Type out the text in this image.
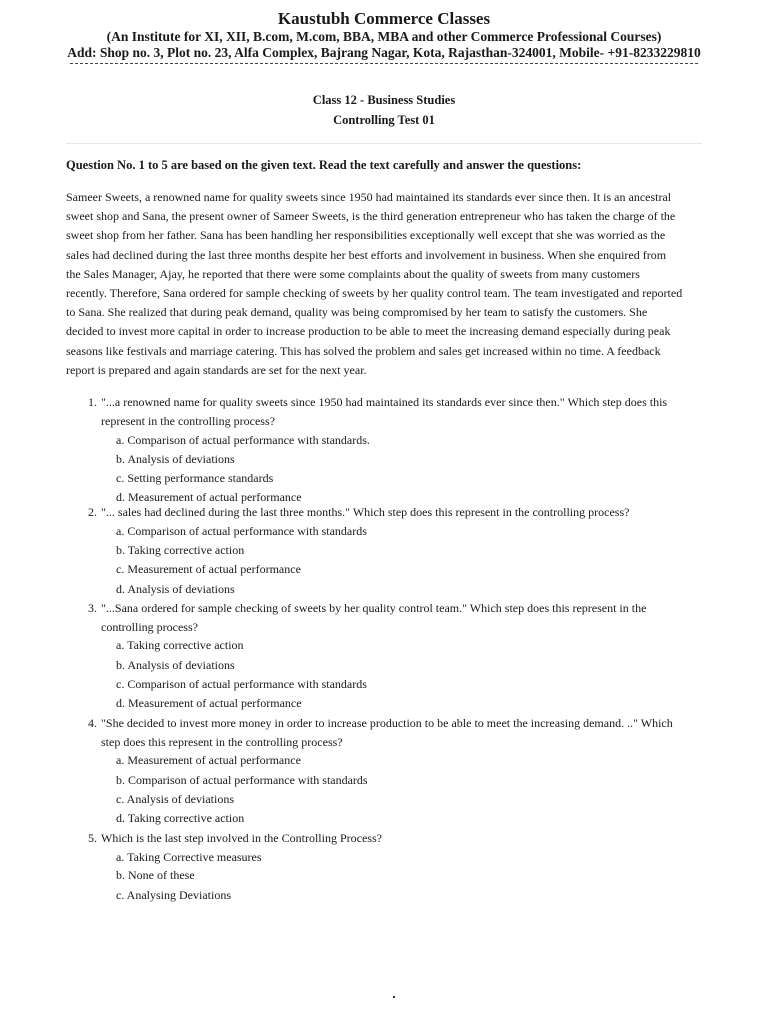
Kaustubh Commerce Classes
(An Institute for XI, XII, B.com, M.com, BBA, MBA and other Commerce Professional Courses)
Add: Shop no. 3, Plot no. 23, Alfa Complex, Bajrang Nagar, Kota, Rajasthan-324001, Mobile- +91-8233229810
Class 12 - Business Studies
Controlling Test 01
Question No. 1 to 5 are based on the given text. Read the text carefully and answer the questions:
Sameer Sweets, a renowned name for quality sweets since 1950 had maintained its standards ever since then. It is an ancestral
sweet shop and Sana, the present owner of Sameer Sweets, is the third generation entrepreneur who has taken the charge of the
sweet shop from her father. Sana has been handling her responsibilities exceptionally well except that she was worried as the
sales had declined during the last three months despite her best efforts and involvement in business. When she enquired from
the Sales Manager, Ajay, he reported that there were some complaints about the quality of sweets from many customers
recently. Therefore, Sana ordered for sample checking of sweets by her quality control team. The team investigated and reported
to Sana. She realized that during peak demand, quality was being compromised by her team to satisfy the customers. She
decided to invest more capital in order to increase production to be able to meet the increasing demand especially during peak
seasons like festivals and marriage catering. This has solved the problem and sales get increased within no time. A feedback
report is prepared and again standards are set for the next year.
1. "...a renowned name for quality sweets since 1950 had maintained its standards ever since then." Which step does this
represent in the controlling process?
a. Comparison of actual performance with standards.
b. Analysis of deviations
c. Setting performance standards
d. Measurement of actual performance
2. "... sales had declined during the last three months." Which step does this represent in the controlling process?
a. Comparison of actual performance with standards
b. Taking corrective action
c. Measurement of actual performance
d. Analysis of deviations
3. "...Sana ordered for sample checking of sweets by her quality control team." Which step does this represent in the
controlling process?
a. Taking corrective action
b. Analysis of deviations
c. Comparison of actual performance with standards
d. Measurement of actual performance
4. "She decided to invest more money in order to increase production to be able to meet the increasing demand. .." Which
step does this represent in the controlling process?
a. Measurement of actual performance
b. Comparison of actual performance with standards
c. Analysis of deviations
d. Taking corrective action
5. Which is the last step involved in the Controlling Process?
a. Taking Corrective measures
b. None of these
c. Analysing Deviations
